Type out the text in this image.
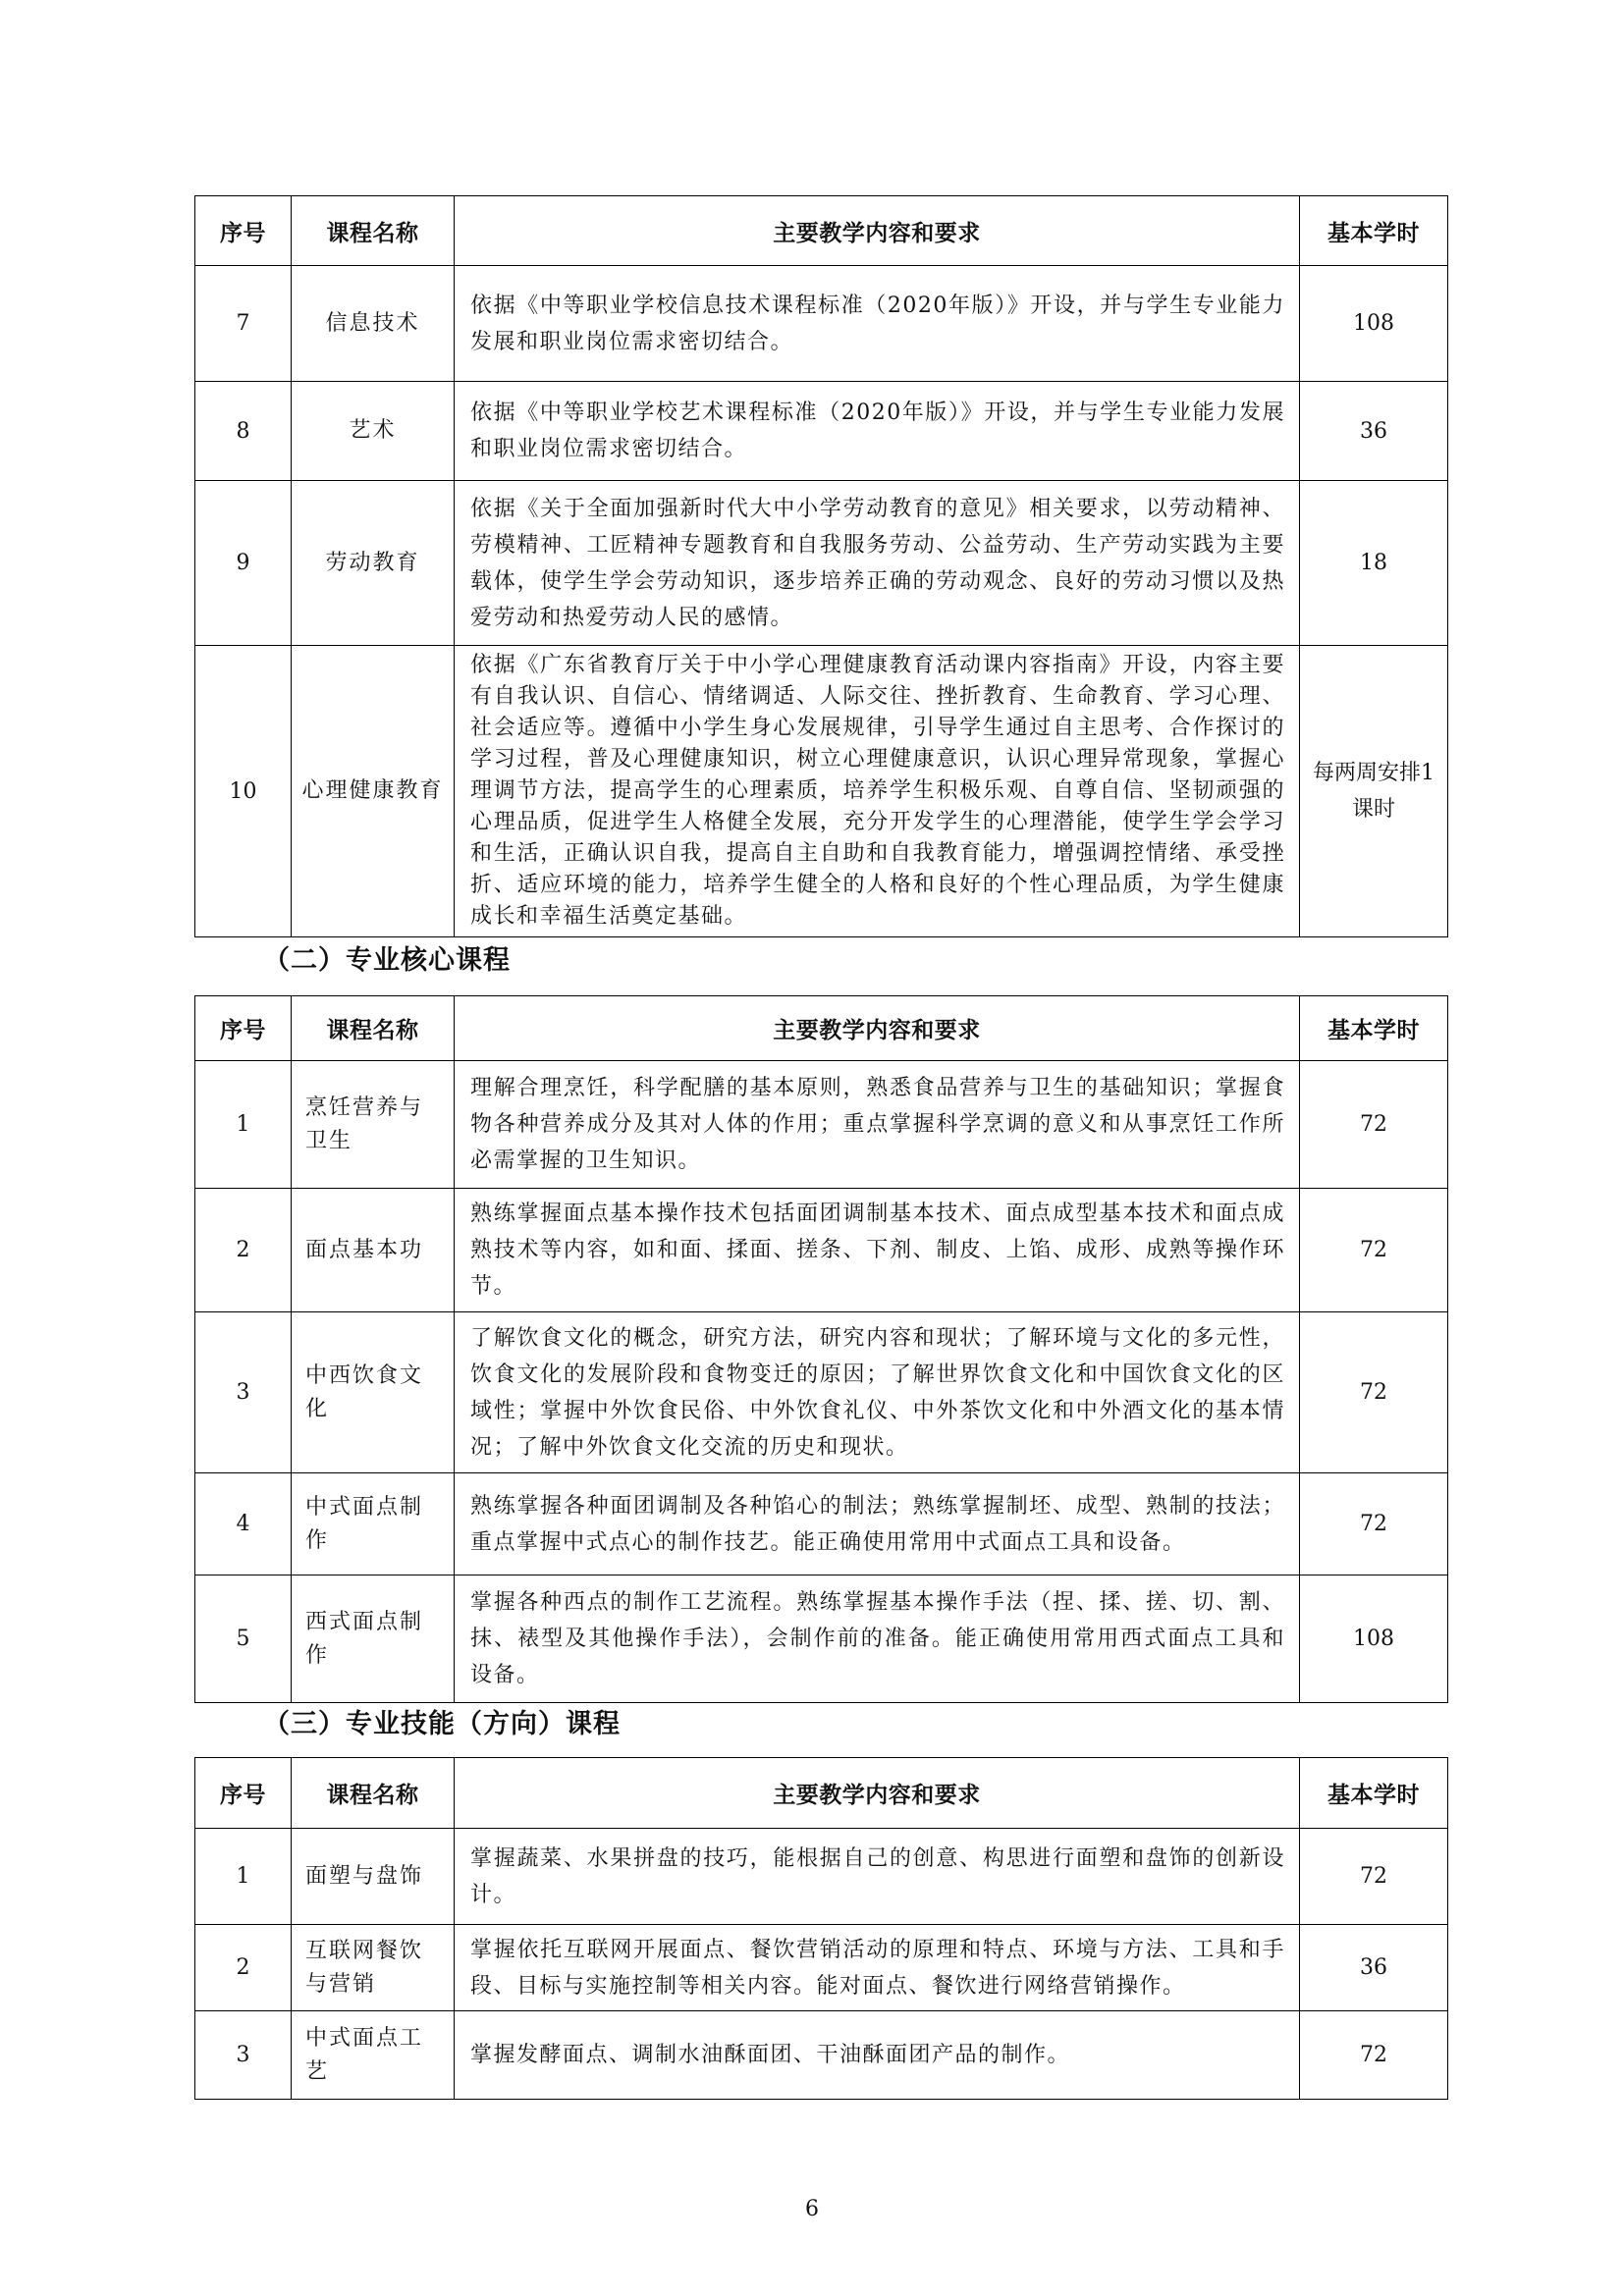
序号	课程名称	主要教学内容和要求	基本学时
7	信息技术	依据《中等职业学校信息技术课程标准（2020年版）》开设，并与学生专业能力发展和职业岗位需求密切结合。	108
8	艺术	依据《中等职业学校艺术课程标准（2020年版）》开设，并与学生专业能力发展和职业岗位需求密切结合。	36
9	劳动教育	依据《关于全面加强新时代大中小学劳动教育的意见》相关要求，以劳动精神、劳模精神、工匠精神专题教育和自我服务劳动、公益劳动、生产劳动实践为主要载体，使学生学会劳动知识，逐步培养正确的劳动观念、良好的劳动习惯以及热爱劳动和热爱劳动人民的感情。	18
10	心理健康教育	依据《广东省教育厅关于中小学心理健康教育活动课内容指南》开设，内容主要有自我认识、自信心、情绪调适、人际交往、挫折教育、生命教育、学习心理、社会适应等。遵循中小学生身心发展规律，引导学生通过自主思考、合作探讨的学习过程，普及心理健康知识，树立心理健康意识，认识心理异常现象，掌握心理调节方法，提高学生的心理素质，培养学生积极乐观、自尊自信、坚韧顽强的心理品质，促进学生人格健全发展，充分开发学生的心理潜能，使学生学会学习和生活，正确认识自我，提高自主自助和自我教育能力，增强调控情绪、承受挫折、适应环境的能力，培养学生健全的人格和良好的个性心理品质，为学生健康成长和幸福生活奠定基础。	每两周安排1课时
（二）专业核心课程
序号	课程名称	主要教学内容和要求	基本学时
1	烹饪营养与卫生	理解合理烹饪，科学配膳的基本原则，熟悉食品营养与卫生的基础知识；掌握食物各种营养成分及其对人体的作用；重点掌握科学烹调的意义和从事烹饪工作所必需掌握的卫生知识。	72
2	面点基本功	熟练掌握面点基本操作技术包括面团调制基本技术、面点成型基本技术和面点成熟技术等内容，如和面、揉面、搓条、下剂、制皮、上馅、成形、成熟等操作环节。	72
3	中西饮食文化	了解饮食文化的概念，研究方法，研究内容和现状；了解环境与文化的多元性，饮食文化的发展阶段和食物变迁的原因；了解世界饮食文化和中国饮食文化的区域性；掌握中外饮食民俗、中外饮食礼仪、中外茶饮文化和中外酒文化的基本情况；了解中外饮食文化交流的历史和现状。	72
4	中式面点制作	熟练掌握各种面团调制及各种馅心的制法；熟练掌握制坯、成型、熟制的技法；重点掌握中式点心的制作技艺。能正确使用常用中式面点工具和设备。	72
5	西式面点制作	掌握各种西点的制作工艺流程。熟练掌握基本操作手法（捏、揉、搓、切、割、抹、裱型及其他操作手法），会制作前的准备。能正确使用常用西式面点工具和设备。	108
（三）专业技能（方向）课程
序号	课程名称	主要教学内容和要求	基本学时
1	面塑与盘饰	掌握蔬菜、水果拼盘的技巧，能根据自己的创意、构思进行面塑和盘饰的创新设计。	72
2	互联网餐饮与营销	掌握依托互联网开展面点、餐饮营销活动的原理和特点、环境与方法、工具和手段、目标与实施控制等相关内容。能对面点、餐饮进行网络营销操作。	36
3	中式面点工艺	掌握发酵面点、调制水油酥面团、干油酥面团产品的制作。	72
6
